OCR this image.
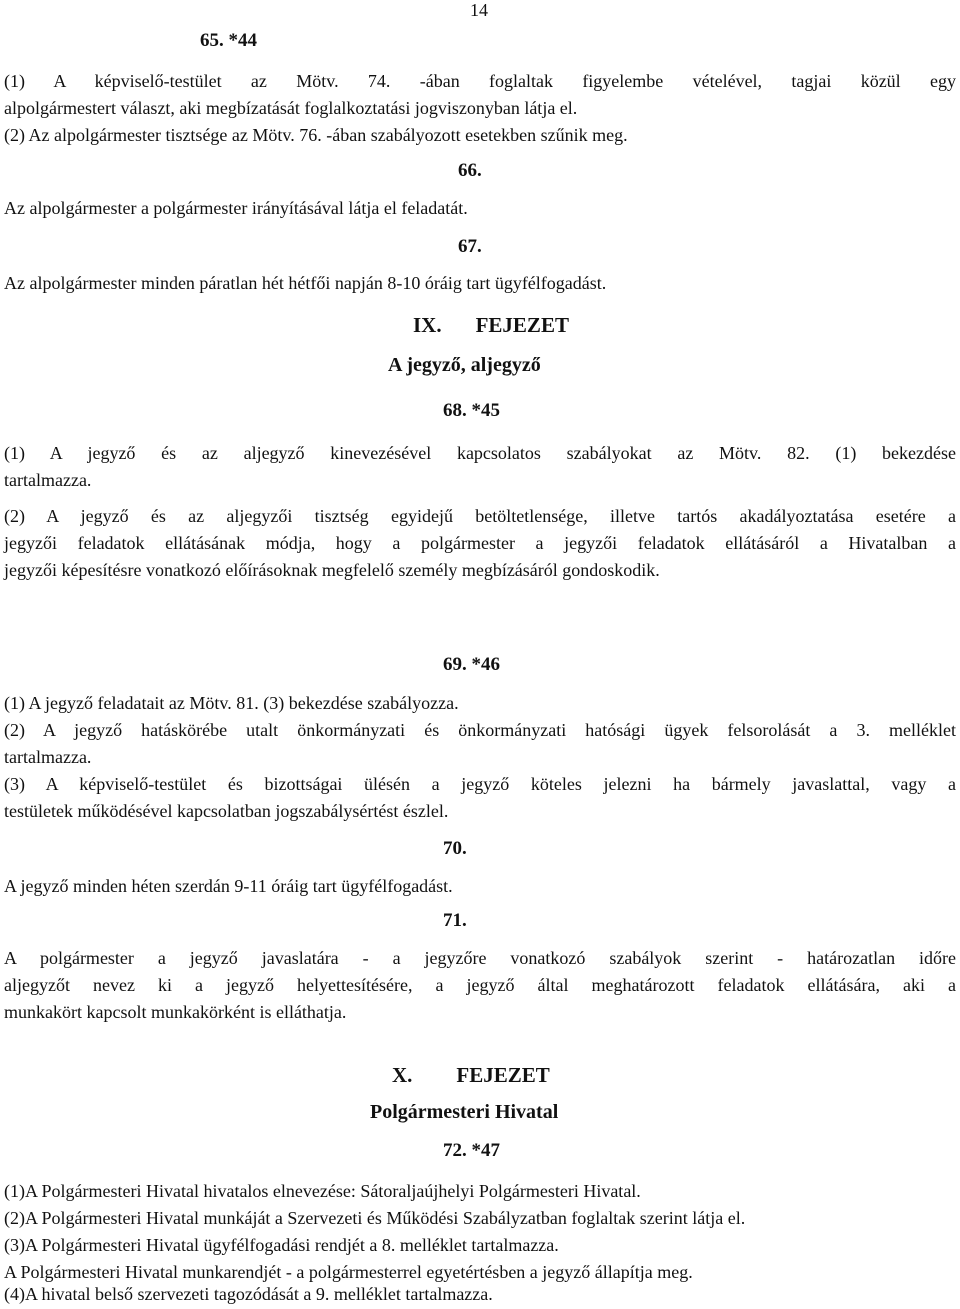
14
65. *44

(1) A képviselő-testület az Mötv. 74. -ában foglaltak figyelembe vételével, tagjai közül egy

alpolgármestert választ, aki megbízatását foglalkoztatási jogviszonyban látja el.

(2) Az alpolgármester tisztsége az Mötv. 76. -ában szabályozott esetekben szűnik meg.

66.

Az alpolgármester a polgármester irányításával látja el feladatát.

67.

Az alpolgármester minden páratlan hét hétfői napján 8-10 óráig tart ügyfélfogadást.

IX. FEJEZET
A jegyző, aljegyző
68. *45

(1) A jegyző és az aljegyző kinevezésével kapcsolatos szabályokat az Mötv. 82. (1) bekezdése

tartalmazza.

(2) A jegyző és az aljegyzői tisztség egyidejű betöltetlensége, illetve tartós akadályoztatása esetére a

jegyzői feladatok ellátásának módja, hogy a polgármester a jegyzői feladatok ellátásáról a Hivatalban a

jegyzői képesítésre vonatkozó előírásoknak megfelelő személy megbízásáról gondoskodik.

69. *46

(1) A jegyző feladatait az Mötv. 81. (3) bekezdése szabályozza.

(2) A jegyző hatáskörébe utalt önkormányzati és önkormányzati hatósági ügyek felsorolását a 3. melléklet

tartalmazza.

(3) A képviselő-testület és bizottságai ülésén a jegyző köteles jelezni ha bármely javaslattal, vagy a

testületek működésével kapcsolatban jogszabálysértést észlel.

70.

A jegyző minden héten szerdán 9-11 óráig tart ügyfélfogadást.

71.

A polgármester a jegyző javaslatára - a jegyzőre vonatkozó szabályok szerint - határozatlan időre

aljegyzőt nevez ki a jegyző helyettesítésére, a jegyző által meghatározott feladatok ellátására, aki a

munkakört kapcsolt munkakörként is elláthatja.

X. FEJEZET
Polgármesteri Hivatal
72. *47

(1)A Polgármesteri Hivatal hivatalos elnevezése: Sátoraljaújhelyi Polgármesteri Hivatal.

(2)A Polgármesteri Hivatal munkáját a Szervezeti és Működési Szabályzatban foglaltak szerint látja el.

(3)A Polgármesteri Hivatal ügyfélfogadási rendjét a 8. melléklet tartalmazza.

A Polgármesteri Hivatal munkarendjét - a polgármesterrel egyetértésben a jegyző állapítja meg.

(4)A hivatal belső szervezeti tagozódását a 9. melléklet tartalmazza.
